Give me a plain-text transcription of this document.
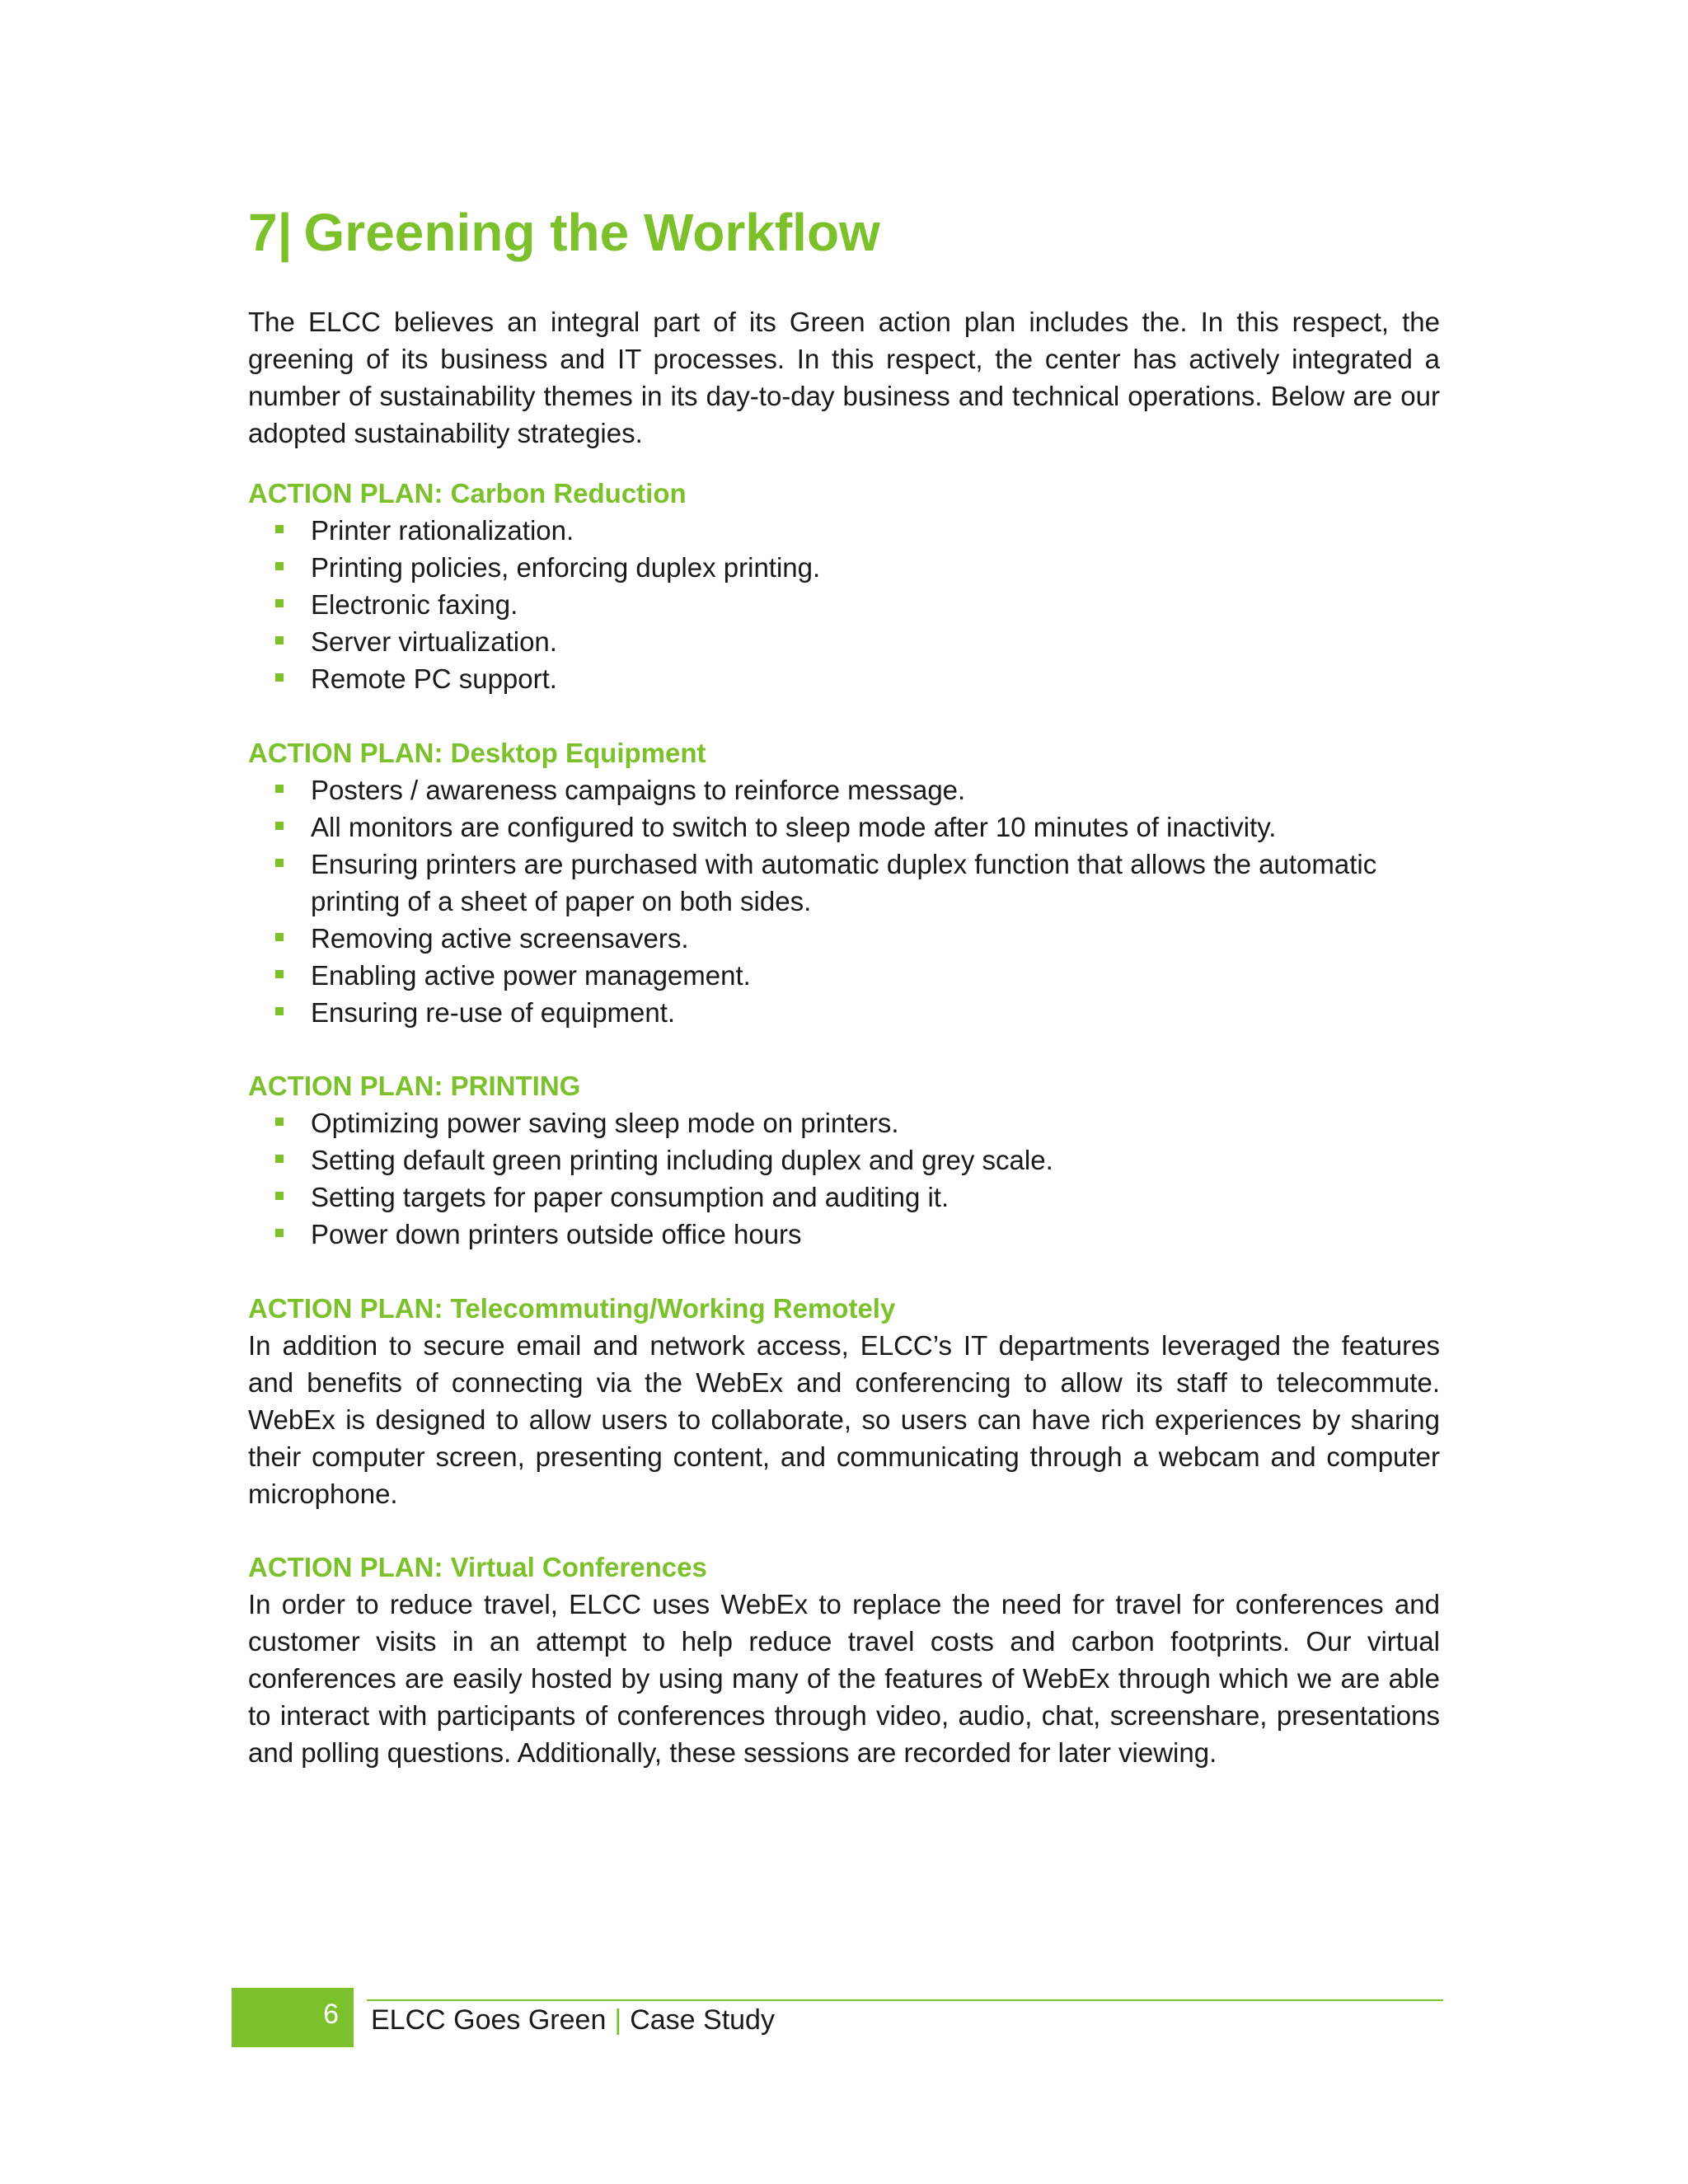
7| Greening the Workflow

The ELCC believes an integral part of its Green action plan includes the. In this respect, the greening of its business and IT processes. In this respect, the center has actively integrated a number of sustainability themes in its day-to-day business and technical operations. Below are our adopted sustainability strategies.

ACTION PLAN: Carbon Reduction

Printer rationalization.
Printing policies, enforcing duplex printing.
Electronic faxing.
Server virtualization.
Remote PC support.

ACTION PLAN: Desktop Equipment

Posters / awareness campaigns to reinforce message.
All monitors are configured to switch to sleep mode after 10 minutes of inactivity.
Ensuring printers are purchased with automatic duplex function that allows the automatic printing of a sheet of paper on both sides.
Removing active screensavers.
Enabling active power management.
Ensuring re-use of equipment.

ACTION PLAN: PRINTING

Optimizing power saving sleep mode on printers.
Setting default green printing including duplex and grey scale.
Setting targets for paper consumption and auditing it.
Power down printers outside office hours

ACTION PLAN: Telecommuting/Working Remotely

In addition to secure email and network access, ELCC’s IT departments leveraged the features and benefits of connecting via the WebEx and conferencing to allow its staff to telecommute. WebEx is designed to allow users to collaborate, so users can have rich experiences by sharing their computer screen, presenting content, and communicating through a webcam and computer microphone.

ACTION PLAN: Virtual Conferences

In order to reduce travel, ELCC uses WebEx to replace the need for travel for conferences and customer visits in an attempt to help reduce travel costs and carbon footprints. Our virtual conferences are easily hosted by using many of the features of WebEx through which we are able to interact with participants of conferences through video, audio, chat, screenshare, presentations and polling questions. Additionally, these sessions are recorded for later viewing.

6 ELCC Goes Green | Case Study
